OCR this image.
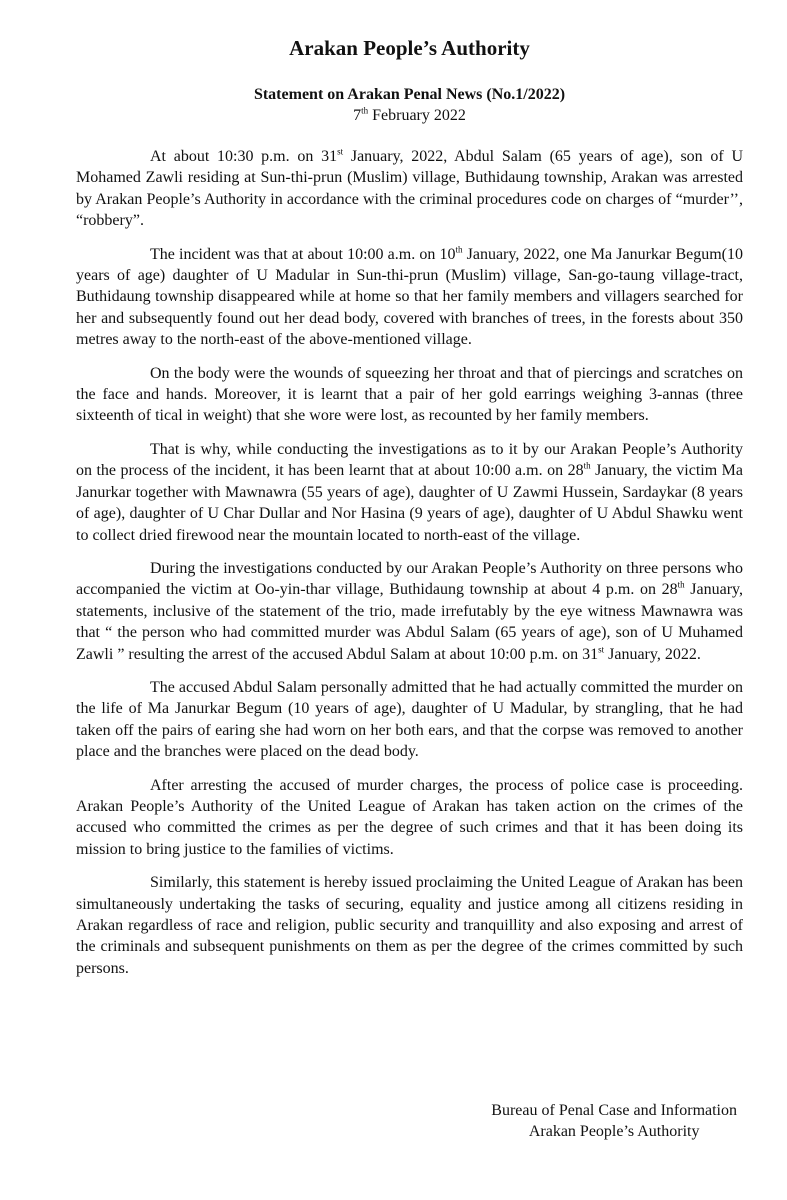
Arakan People’s Authority
Statement on Arakan Penal News (No.1/2022)
7th February 2022

At about 10:30 p.m. on 31st January, 2022, Abdul Salam (65 years of age), son of U Mohamed Zawli residing at Sun-thi-prun (Muslim) village, Buthidaung township, Arakan was arrested by Arakan People’s Authority in accordance with the criminal procedures code on charges of “murder’’, “robbery”.

The incident was that at about 10:00 a.m. on 10th January, 2022, one Ma Janurkar Begum(10 years of age) daughter of U Madular in Sun-thi-prun (Muslim) village, San-go-taung village-tract, Buthidaung township disappeared while at home so that her family members and villagers searched for her and subsequently found out her dead body, covered with branches of trees, in the forests about 350 metres away to the north-east of the above-mentioned village.

On the body were the wounds of squeezing her throat and that of piercings and scratches on the face and hands. Moreover, it is learnt that a pair of her gold earrings weighing 3-annas (three sixteenth of tical in weight) that she wore were lost, as recounted by her family members.

That is why, while conducting the investigations as to it by our Arakan People’s Authority on the process of the incident, it has been learnt that at about 10:00 a.m. on 28th January, the victim Ma Janurkar together with Mawnawra (55 years of age), daughter of U Zawmi Hussein, Sardaykar (8 years of age), daughter of U Char Dullar and Nor Hasina (9 years of age), daughter of U Abdul Shawku went to collect dried firewood near the mountain located to north-east of the village.

During the investigations conducted by our Arakan People’s Authority on three persons who accompanied the victim at Oo-yin-thar village, Buthidaung township at about 4 p.m. on 28th January, statements, inclusive of the statement of the trio, made irrefutably by the eye witness Mawnawra was that “ the person who had committed murder was Abdul Salam (65 years of age), son of U Muhamed Zawli ” resulting the arrest of the accused Abdul Salam at about 10:00 p.m. on 31st January, 2022.

The accused Abdul Salam personally admitted that he had actually committed the murder on the life of Ma Janurkar Begum (10 years of age), daughter of U Madular, by strangling, that he had taken off the pairs of earing she had worn on her both ears, and that the corpse was removed to another place and the branches were placed on the dead body.

After arresting the accused of murder charges, the process of police case is proceeding. Arakan People’s Authority of the United League of Arakan has taken action on the crimes of the accused who committed the crimes as per the degree of such crimes and that it has been doing its mission to bring justice to the families of victims.

Similarly, this statement is hereby issued proclaiming the United League of Arakan has been simultaneously undertaking the tasks of securing, equality and justice among all citizens residing in Arakan regardless of race and religion, public security and tranquillity and also exposing and arrest of the criminals and subsequent punishments on them as per the degree of the crimes committed by such persons.

Bureau of Penal Case and Information
Arakan People’s Authority
